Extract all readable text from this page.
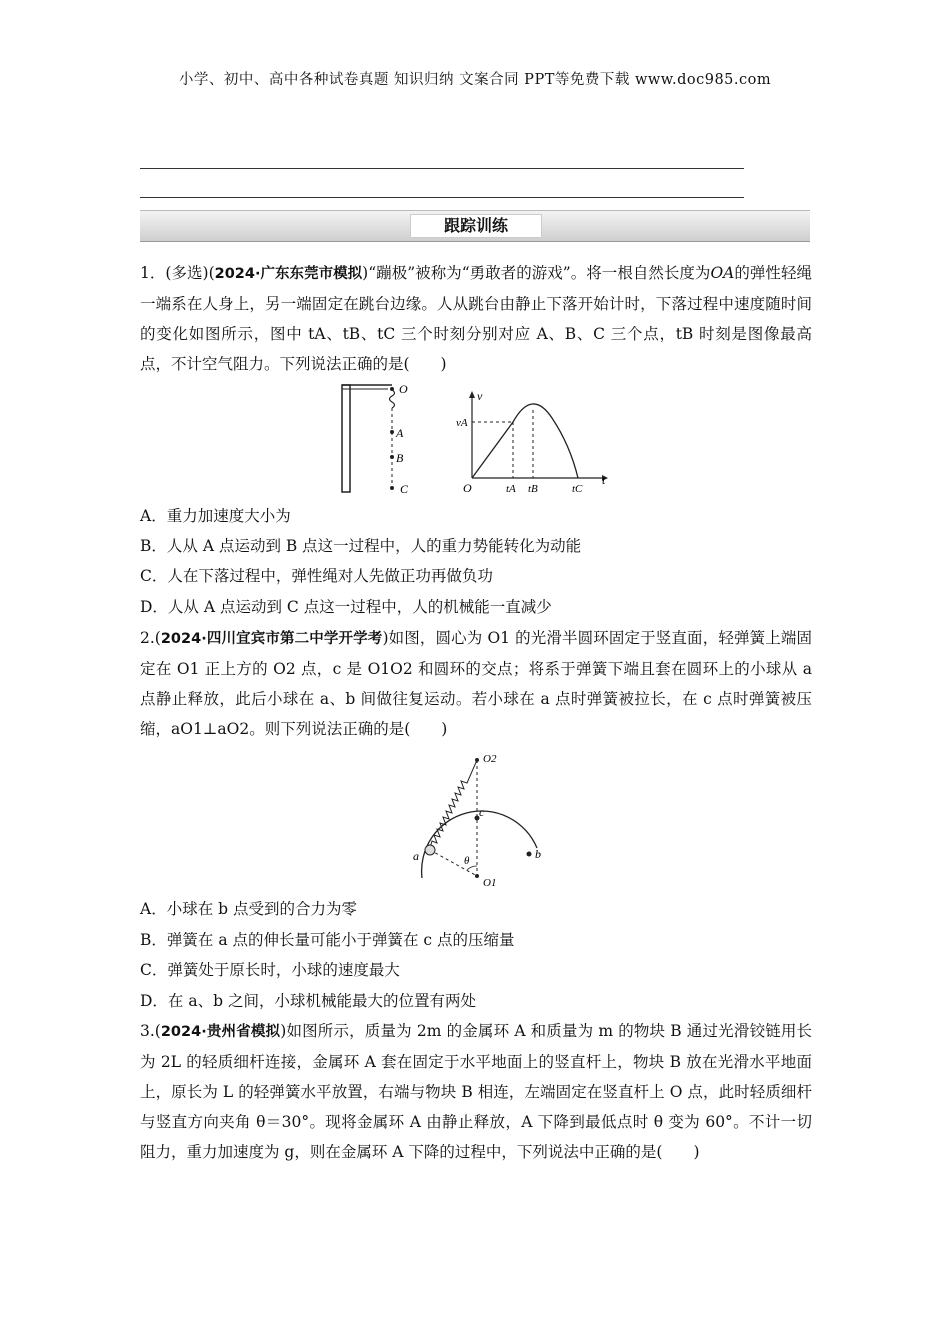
小学、初中、高中各种试卷真题 知识归纳 文案合同 PPT等免费下载 www.doc985.com
跟踪训练
1．(多选)(2024·广东东莞市模拟)“蹦极”被称为“勇敢者的游戏”。将一根自然长度为OA的弹性轻绳一端系在人身上，另一端固定在跳台边缘。人从跳台由静止下落开始计时，下落过程中速度随时间的变化如图所示，图中 tA、tB、tC 三个时刻分别对应 A、B、C 三个点，tB 时刻是图像最高点，不计空气阻力。下列说法正确的是(　　)
O
A
B
C
v
vA
O	tA tB	tC
t
A．重力加速度大小为
B．人从 A 点运动到 B 点这一过程中，人的重力势能转化为动能
C．人在下落过程中，弹性绳对人先做正功再做负功
D．人从 A 点运动到 C 点这一过程中，人的机械能一直减少
2.(2024·四川宜宾市第二中学开学考)如图，圆心为 O1 的光滑半圆环固定于竖直面，轻弹簧上端固定在 O1 正上方的 O2 点，c 是 O1O2 和圆环的交点；将系于弹簧下端且套在圆环上的小球从 a 点静止释放，此后小球在 a、b 间做往复运动。若小球在 a 点时弹簧被拉长，在 c 点时弹簧被压缩，aO1⊥aO2。则下列说法正确的是(　　)
O2
c
a	b
θ
O1
A．小球在 b 点受到的合力为零
B．弹簧在 a 点的伸长量可能小于弹簧在 c 点的压缩量
C．弹簧处于原长时，小球的速度最大
D．在 a、b 之间，小球机械能最大的位置有两处
3.(2024·贵州省模拟)如图所示，质量为 2m 的金属环 A 和质量为 m 的物块 B 通过光滑铰链用长为 2L 的轻质细杆连接，金属环 A 套在固定于水平地面上的竖直杆上，物块 B 放在光滑水平地面上，原长为 L 的轻弹簧水平放置，右端与物块 B 相连，左端固定在竖直杆上 O 点，此时轻质细杆与竖直方向夹角 θ＝30°。现将金属环 A 由静止释放，A 下降到最低点时 θ 变为 60°。不计一切阻力，重力加速度为 g，则在金属环 A 下降的过程中，下列说法中正确的是(　　)
